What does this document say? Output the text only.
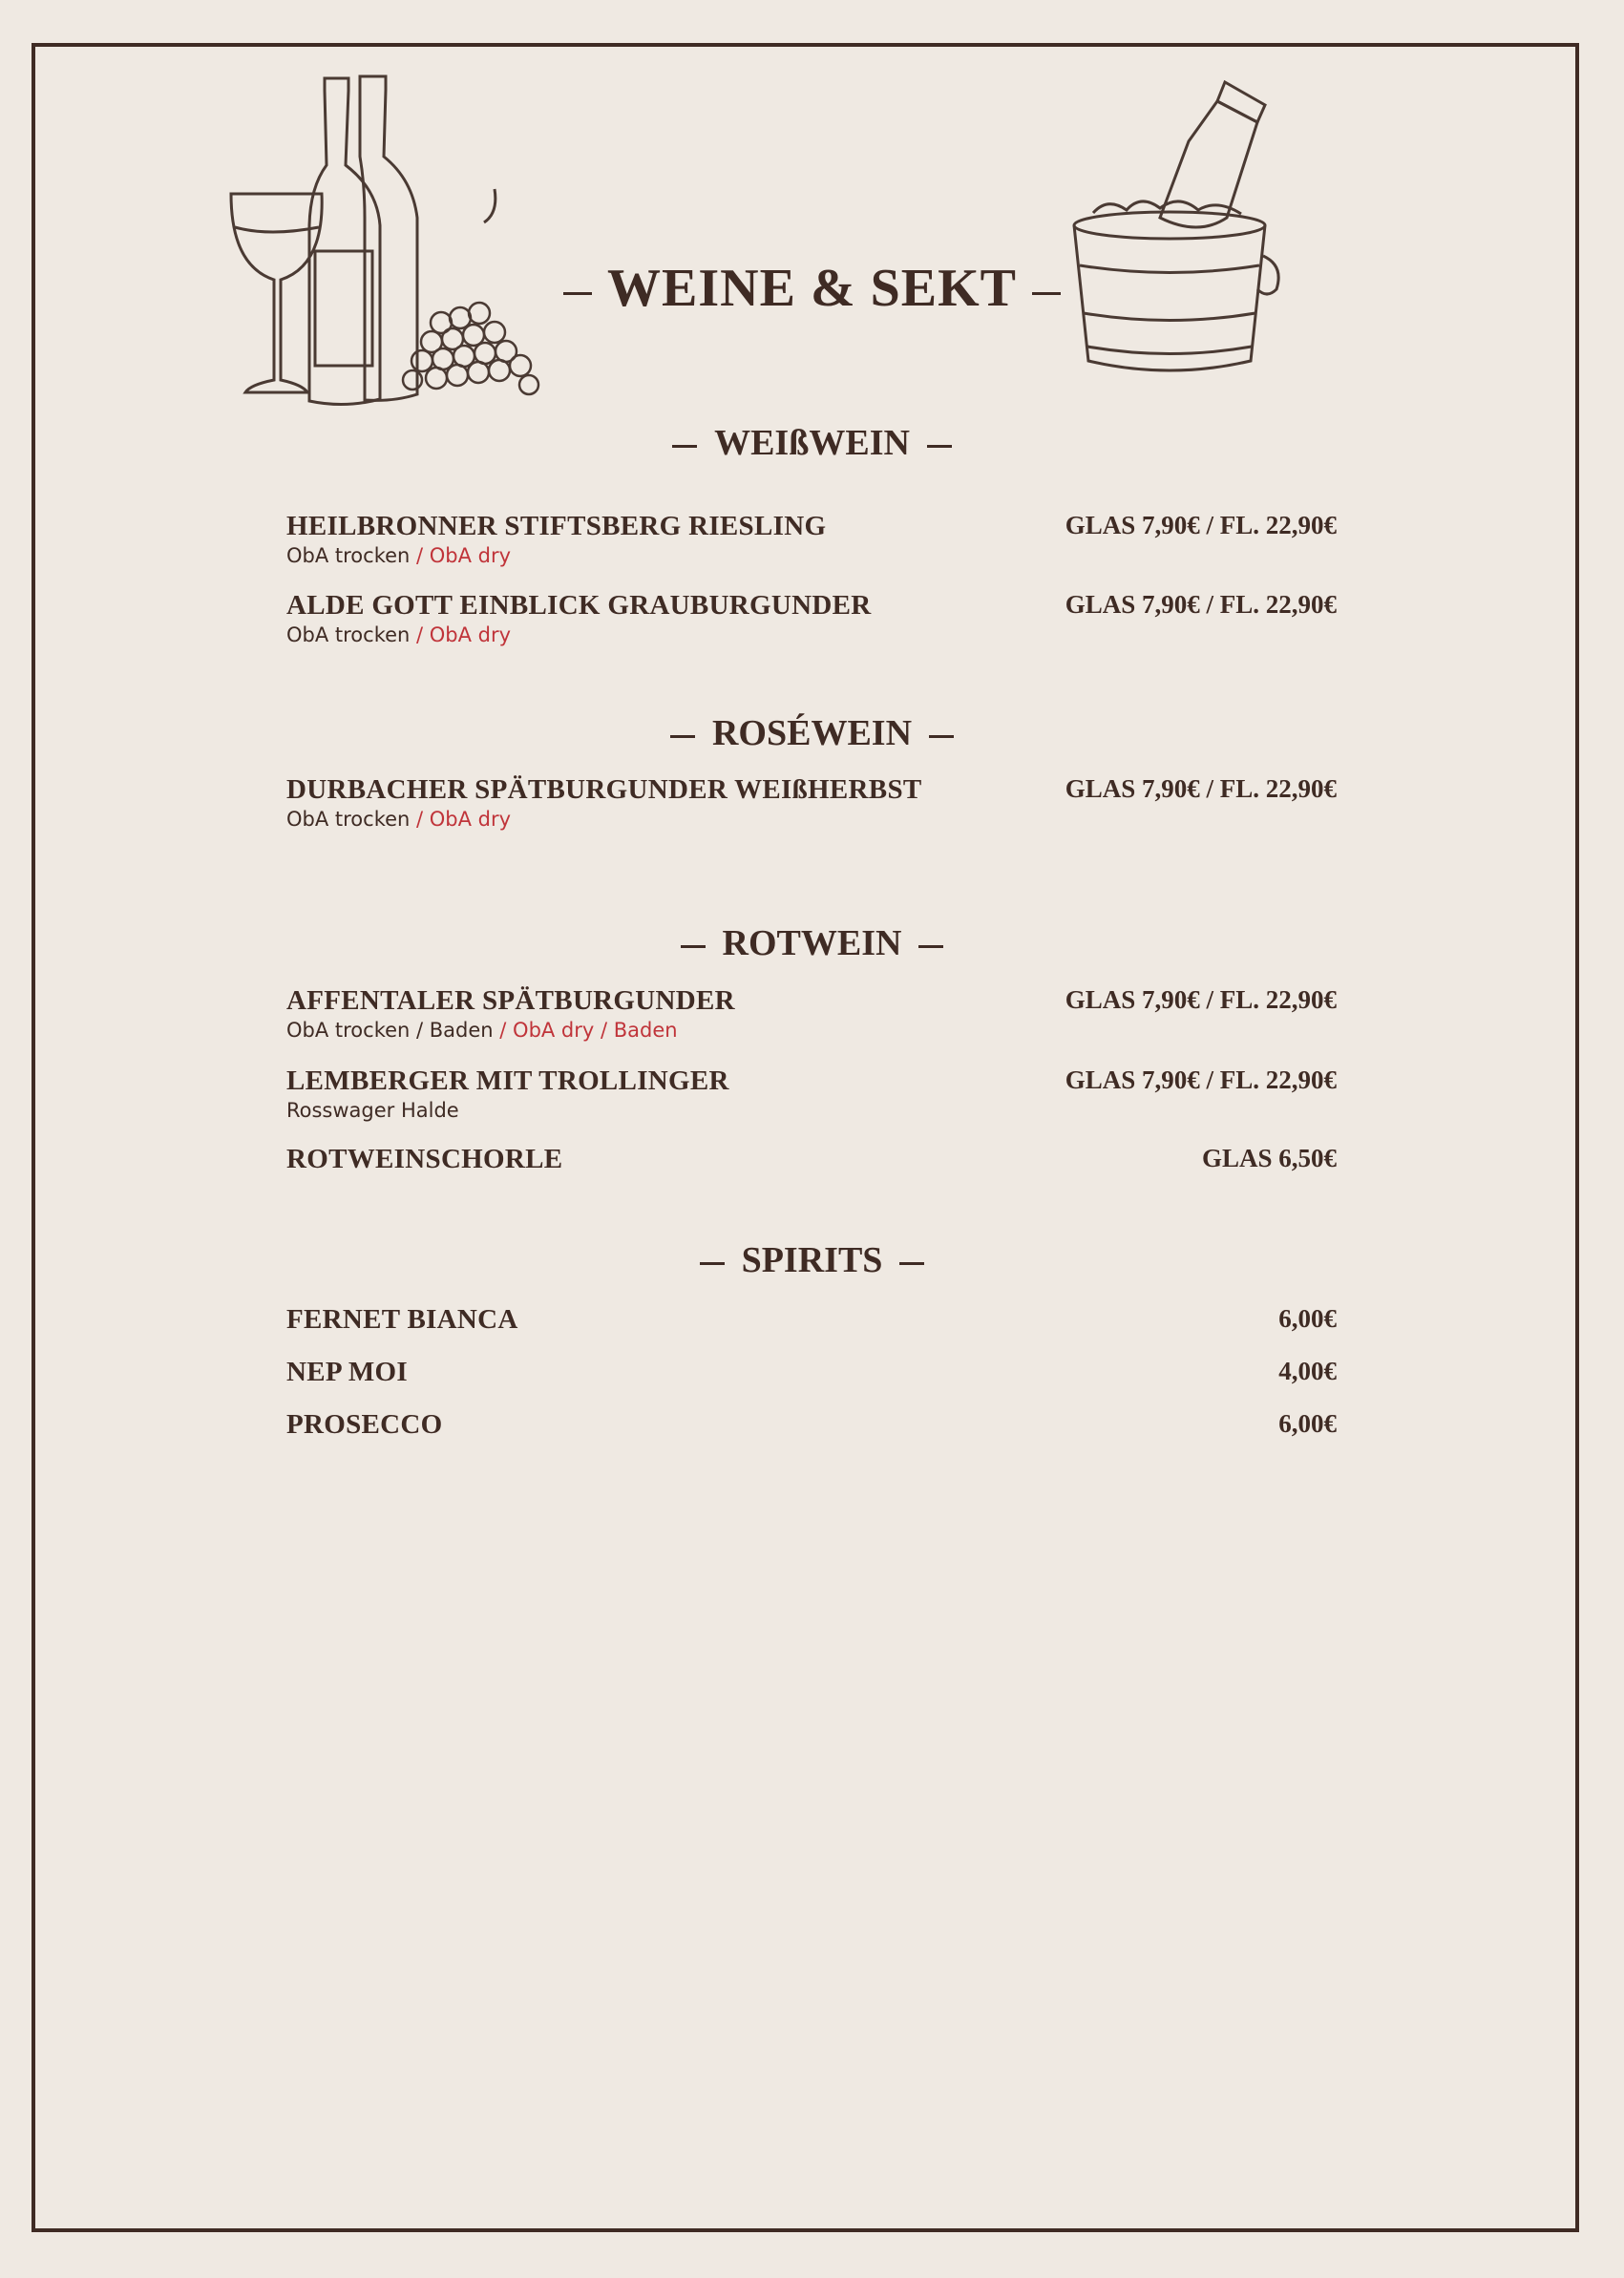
WEINE & SEKT
WEIßWEIN
HEILBRONNER STIFTSBERG RIESLING
ObA trocken / ObA dry
GLAS 7,90€ / FL. 22,90€
ALDE GOTT EINBLICK GRAUBURGUNDER
ObA trocken / ObA dry
GLAS 7,90€ / FL. 22,90€
ROSÉWEIN
DURBACHER SPÄTBURGUNDER WEIßHERBST
ObA trocken / ObA dry
GLAS 7,90€ / FL. 22,90€
ROTWEIN
AFFENTALER SPÄTBURGUNDER
ObA trocken / Baden / ObA dry / Baden
GLAS 7,90€ / FL. 22,90€
LEMBERGER MIT TROLLINGER
Rosswager Halde
GLAS 7,90€ / FL. 22,90€
ROTWEINSCHORLE	GLAS 6,50€
SPIRITS
FERNET BIANCA	6,00€
NEP MOI	4,00€
PROSECCO	6,00€
